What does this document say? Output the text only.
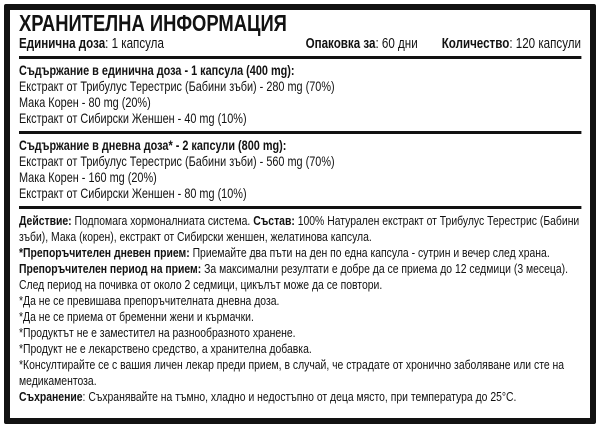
ХРАНИТЕЛНА ИНФОРМАЦИЯ
Единична доза: 1 капсула	Опаковка за: 60 дни Количество: 120 капсули
Съдържание в единична доза - 1 капсула (400 mg):
Екстракт от Трибулус Терестрис (Бабини зъби) - 280 mg (70%)
Мака Корен - 80 mg (20%)
Екстракт от Сибирски Женшен - 40 mg (10%)
Съдържание в дневна доза* - 2 капсули (800 mg):
Екстракт от Трибулус Терестрис (Бабини зъби) - 560 mg (70%)
Мака Корен - 160 mg (20%)
Екстракт от Сибирски Женшен - 80 mg (10%)

Действие: Подпомага хормоналниата система. Състав: 100% Натурален екстракт от Трибулус Терестрис (Бабини зъби), Мака (корен), екстракт от Сибирски женшен, желатинова капсула.

*Препоръчителен дневен прием: Приемайте два пъти на ден по една капсула - сутрин и вечер след храна.

Препоръчителен период на прием: За максимални резултати е добре да се приема до 12 седмици (3 месеца). След период на почивка от около 2 седмици, цикълът може да се повтори.

*Да не се превишава препоръчителната дневна доза.

*Да не се приема от бременни жени и кърмачки.

*Продуктът не е заместител на разнообразното хранене.

*Продукт не е лекарствено средство, а хранителна добавка.

*Консултирайте се с вашия личен лекар преди прием, в случай, че страдате от хронично заболяване или сте на медикаментоза.

Съхранение: Съхранявайте на тъмно, хладно и недостъпно от деца място, при температура до 25°C.
